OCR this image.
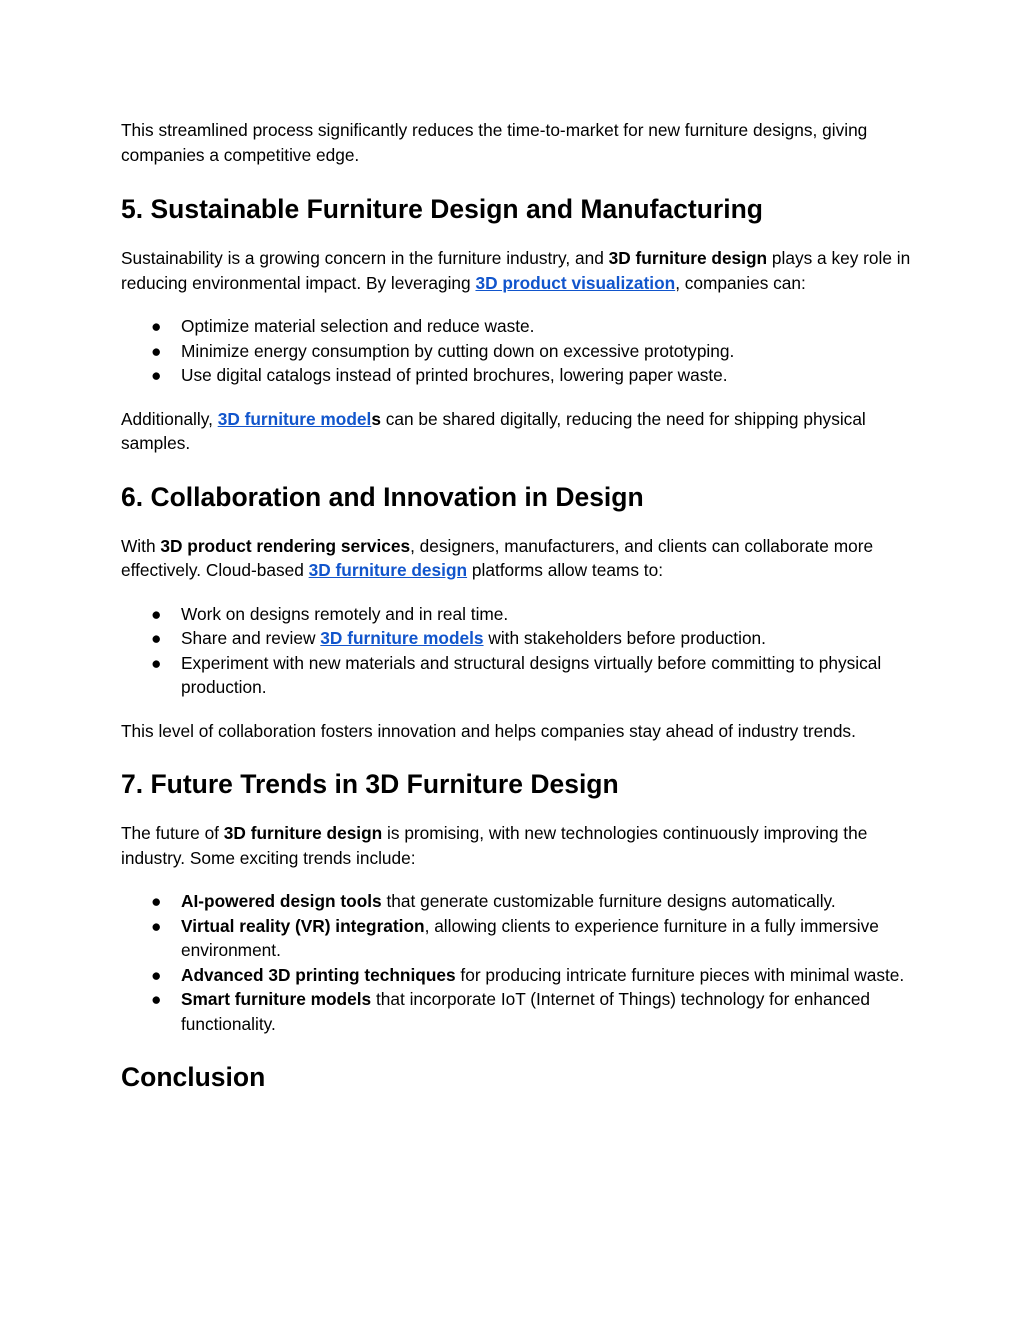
This streamlined process significantly reduces the time-to-market for new furniture designs, giving companies a competitive edge.

5. Sustainable Furniture Design and Manufacturing

Sustainability is a growing concern in the furniture industry, and 3D furniture design plays a key role in reducing environmental impact. By leveraging 3D product visualization, companies can:

●	Optimize material selection and reduce waste.
●	Minimize energy consumption by cutting down on excessive prototyping.
●	Use digital catalogs instead of printed brochures, lowering paper waste.

Additionally, 3D furniture models can be shared digitally, reducing the need for shipping physical samples.

6. Collaboration and Innovation in Design

With 3D product rendering services, designers, manufacturers, and clients can collaborate more effectively. Cloud-based 3D furniture design platforms allow teams to:

●	Work on designs remotely and in real time.
●	Share and review 3D furniture models with stakeholders before production.
●	Experiment with new materials and structural designs virtually before committing to physical production.

This level of collaboration fosters innovation and helps companies stay ahead of industry trends.

7. Future Trends in 3D Furniture Design

The future of 3D furniture design is promising, with new technologies continuously improving the industry. Some exciting trends include:

●	AI-powered design tools that generate customizable furniture designs automatically.
●	Virtual reality (VR) integration, allowing clients to experience furniture in a fully immersive environment.
●	Advanced 3D printing techniques for producing intricate furniture pieces with minimal waste.
●	Smart furniture models that incorporate IoT (Internet of Things) technology for enhanced functionality.
Conclusion
